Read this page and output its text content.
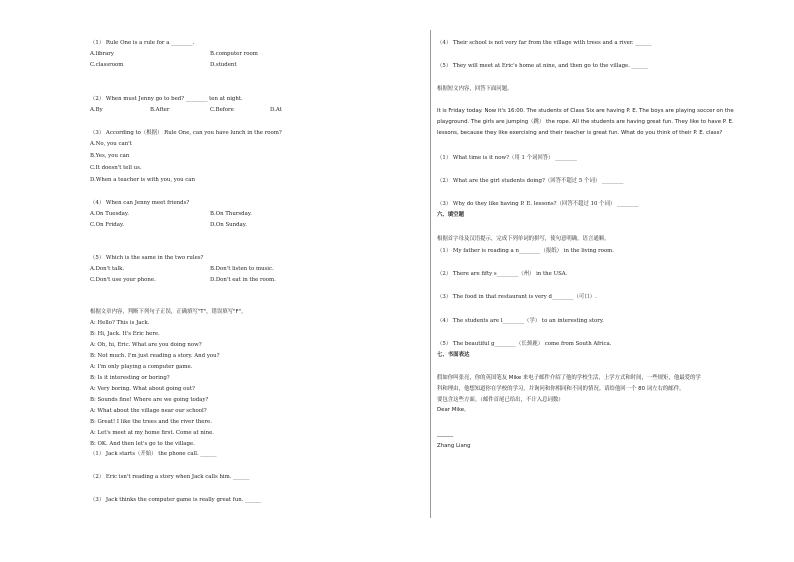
（1） Rule One is a rule for a ________.
A.library	B.computer room
C.classroom	D.student
（2） When must Jenny go to bed? ________ ten at night.
A.By	B.After	C.Before	D.At
（3） According to（根据） Rule One, can you have lunch in the room?
A.No, you can't
B.Yes, you can
C.It doesn't tell us.
D.When a teacher is with you, you can
（4） When can Jenny meet friends?
A.On Tuesday.	B.On Thursday.
C.On Friday.	D.On Sunday.
（5） Which is the same in the two rules?
A.Don't talk.	B.Don't listen to music.
C.Don't use your phone.	D.Don't eat in the room.
根据文章内容，判断下列句子正误，正确填写"T"，错误填写"F"。
A: Hello? This is Jack.
B: Hi, Jack. It's Eric here.
A: Oh, hi, Eric. What are you doing now?
B: Not much. I'm just reading a story. And you?
A: I'm only playing a computer game.
B: Is it interesting or boring?
A: Very boring. What about going out?
B: Sounds fine! Where are we going today?
A: What about the village near our school?
B: Great! I like the trees and the river there.
A: Let's meet at my home first. Come at nine.
B: OK. And then let's go to the village.
（1） Jack starts（开始） the phone call. ______
（2） Eric isn't reading a story when Jack calls him. ______
（3） Jack thinks the computer game is really great fun. ______
（4） Their school is not very far from the village with trees and a river. ______
（5） They will meet at Eric's home at nine, and then go to the village. ______
根据短文内容，回答下面问题。
It is Friday today. Now it's 16:00. The students of Class Six are having P. E. The boys are playing soccer on the
playground. The girls are jumping（跳） the rope. All the students are having great fun. They like to have P. E.
lessons, because they like exercising and their teacher is great fun. What do you think of their P. E. class?
（1） What time is it now?（用 1 个词回答） ________
（2） What are the girl students doing?（回答不超过 5 个词） ________
（3） Why do they like having P. E. lessons?（回答不超过 10 个词） ________
六、填空题
根据首字母及汉语提示，完成下列单词的拼写，使句意明确，语言通顺。
（1） My father is reading a n________（报纸） in the living room.
（2） There are fifty s________（州） in the USA.
（3） The food in that restaurant is very d________（可口）.
（4） The students are l________（学） to an interesting story.
（5） The beautiful g________（长颈鹿） come from South Africa.
七、书面表达
假如你叫张亮，你的英国笔友 Mike 来电子邮件介绍了他的学校生活，上学方式和时间，一些规矩，他最爱的学
科和理由，他想知道你在学校的学习，并询问和你相同和不同的情况。请给他回一个 80 词左右的邮件，
要包含这些方面。（邮件首尾已给出，不计入总词数）
Dear Mike,
______
Zhang Liang
